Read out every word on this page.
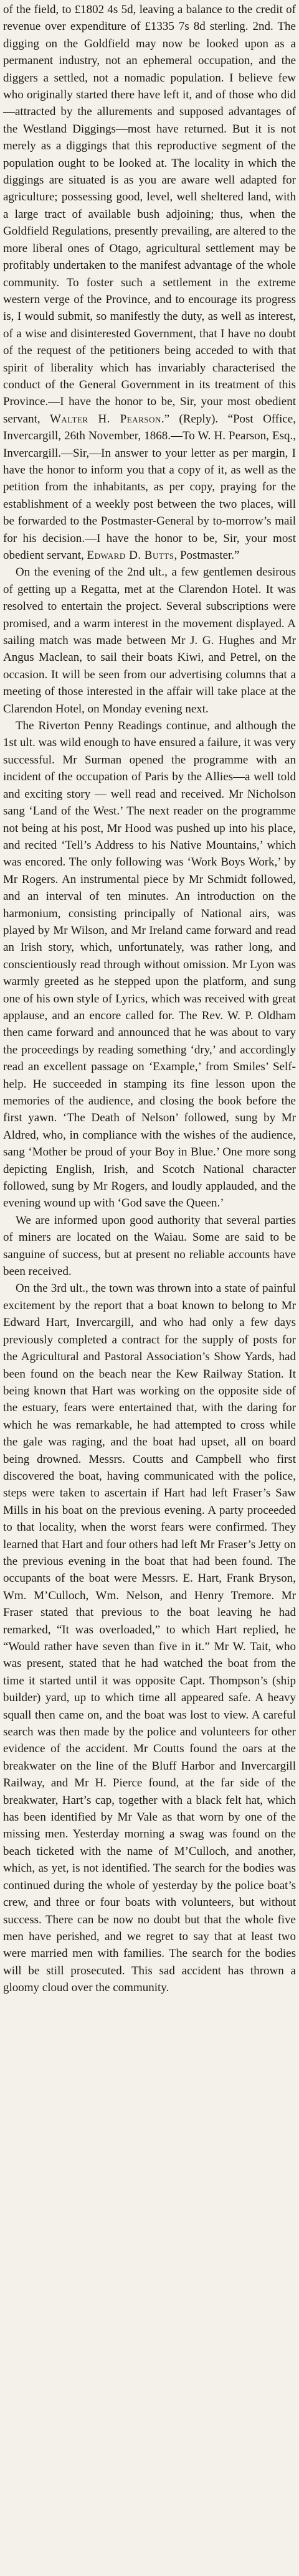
of the field, to £1802 4s 5d, leaving a balance to the credit of revenue over expenditure of £1335 7s 8d sterling. 2nd. The digging on the Goldfield may now be looked upon as a permanent industry, not an ephemeral occupation, and the diggers a settled, not a nomadic population. I believe few who originally started there have left it, and of those who did—attracted by the allurements and supposed advantages of the Westland Diggings—most have returned. But it is not merely as a diggings that this reproductive segment of the population ought to be looked at. The locality in which the diggings are situated is as you are aware well adapted for agriculture; possessing good, level, well sheltered land, with a large tract of available bush adjoining; thus, when the Goldfield Regulations, presently prevailing, are altered to the more liberal ones of Otago, agricultural settlement may be profitably undertaken to the manifest advantage of the whole community. To foster such a settlement in the extreme western verge of the Province, and to encourage its progress is, I would submit, so manifestly the duty, as well as interest, of a wise and disinterested Government, that I have no doubt of the request of the petitioners being acceded to with that spirit of liberality which has invariably characterised the conduct of the General Government in its treatment of this Province.—I have the honor to be, Sir, your most obedient servant, Walter H. Pearson.” (Reply). “Post Office, Invercargill, 26th November, 1868.—To W. H. Pearson, Esq., Invercargill.—Sir,—In answer to your letter as per margin, I have the honor to inform you that a copy of it, as well as the petition from the inhabitants, as per copy, praying for the establishment of a weekly post between the two places, will be forwarded to the Postmaster-General by to-morrow’s mail for his decision.—I have the honor to be, Sir, your most obedient servant, Edward D. Butts, Postmaster.”

On the evening of the 2nd ult., a few gentlemen desirous of getting up a Regatta, met at the Clarendon Hotel. It was resolved to entertain the project. Several subscriptions were promised, and a warm interest in the movement displayed. A sailing match was made between Mr J. G. Hughes and Mr Angus Maclean, to sail their boats Kiwi, and Petrel, on the occasion. It will be seen from our advertising columns that a meeting of those interested in the affair will take place at the Clarendon Hotel, on Monday evening next.

The Riverton Penny Readings continue, and although the 1st ult. was wild enough to have ensured a failure, it was very successful. Mr Surman opened the programme with an incident of the occupation of Paris by the Allies—a well told and exciting story — well read and received. Mr Nicholson sang ‘Land of the West.’ The next reader on the programme not being at his post, Mr Hood was pushed up into his place, and recited ‘Tell’s Address to his Native Mountains,’ which was encored. The only following was ‘Work Boys Work,’ by Mr Rogers. An instrumental piece by Mr Schmidt followed, and an interval of ten minutes. An introduction on the harmonium, consisting principally of National airs, was played by Mr Wilson, and Mr Ireland came forward and read an Irish story, which, unfortunately, was rather long, and conscientiously read through without omission. Mr Lyon was warmly greeted as he stepped upon the platform, and sung one of his own style of Lyrics, which was received with great applause, and an encore called for. The Rev. W. P. Oldham then came forward and announced that he was about to vary the proceedings by reading something ‘dry,’ and accordingly read an excellent passage on ‘Example,’ from Smiles’ Self-help. He succeeded in stamping its fine lesson upon the memories of the audience, and closing the book before the first yawn. ‘The Death of Nelson’ followed, sung by Mr Aldred, who, in compliance with the wishes of the audience, sang ‘Mother be proud of your Boy in Blue.’ One more song depicting English, Irish, and Scotch National character followed, sung by Mr Rogers, and loudly applauded, and the evening wound up with ‘God save the Queen.’

We are informed upon good authority that several parties of miners are located on the Waiau. Some are said to be sanguine of success, but at present no reliable accounts have been received.

On the 3rd ult., the town was thrown into a state of painful excitement by the report that a boat known to belong to Mr Edward Hart, Invercargill, and who had only a few days previously completed a contract for the supply of posts for the Agricultural and Pastoral Association’s Show Yards, had been found on the beach near the Kew Railway Station. It being known that Hart was working on the opposite side of the estuary, fears were entertained that, with the daring for which he was remarkable, he had attempted to cross while the gale was raging, and the boat had upset, all on board being drowned. Messrs. Coutts and Campbell who first discovered the boat, having communicated with the police, steps were taken to ascertain if Hart had left Fraser’s Saw Mills in his boat on the previous evening. A party proceeded to that locality, when the worst fears were confirmed. They learned that Hart and four others had left Mr Fraser’s Jetty on the previous evening in the boat that had been found. The occupants of the boat were Messrs. E. Hart, Frank Bryson, Wm. M’Culloch, Wm. Nelson, and Henry Tremore. Mr Fraser stated that previous to the boat leaving he had remarked, “It was overloaded,” to which Hart replied, he “Would rather have seven than five in it.” Mr W. Tait, who was present, stated that he had watched the boat from the time it started until it was opposite Capt. Thompson’s (ship builder) yard, up to which time all appeared safe. A heavy squall then came on, and the boat was lost to view. A careful search was then made by the police and volunteers for other evidence of the accident. Mr Coutts found the oars at the breakwater on the line of the Bluff Harbor and Invercargill Railway, and Mr H. Pierce found, at the far side of the breakwater, Hart’s cap, together with a black felt hat, which has been identified by Mr Vale as that worn by one of the missing men. Yesterday morning a swag was found on the beach ticketed with the name of M’Culloch, and another, which, as yet, is not identified. The search for the bodies was continued during the whole of yesterday by the police boat’s crew, and three or four boats with volunteers, but without success. There can be now no doubt but that the whole five men have perished, and we regret to say that at least two were married men with families. The search for the bodies will be still prosecuted. This sad accident has thrown a gloomy cloud over the community.
